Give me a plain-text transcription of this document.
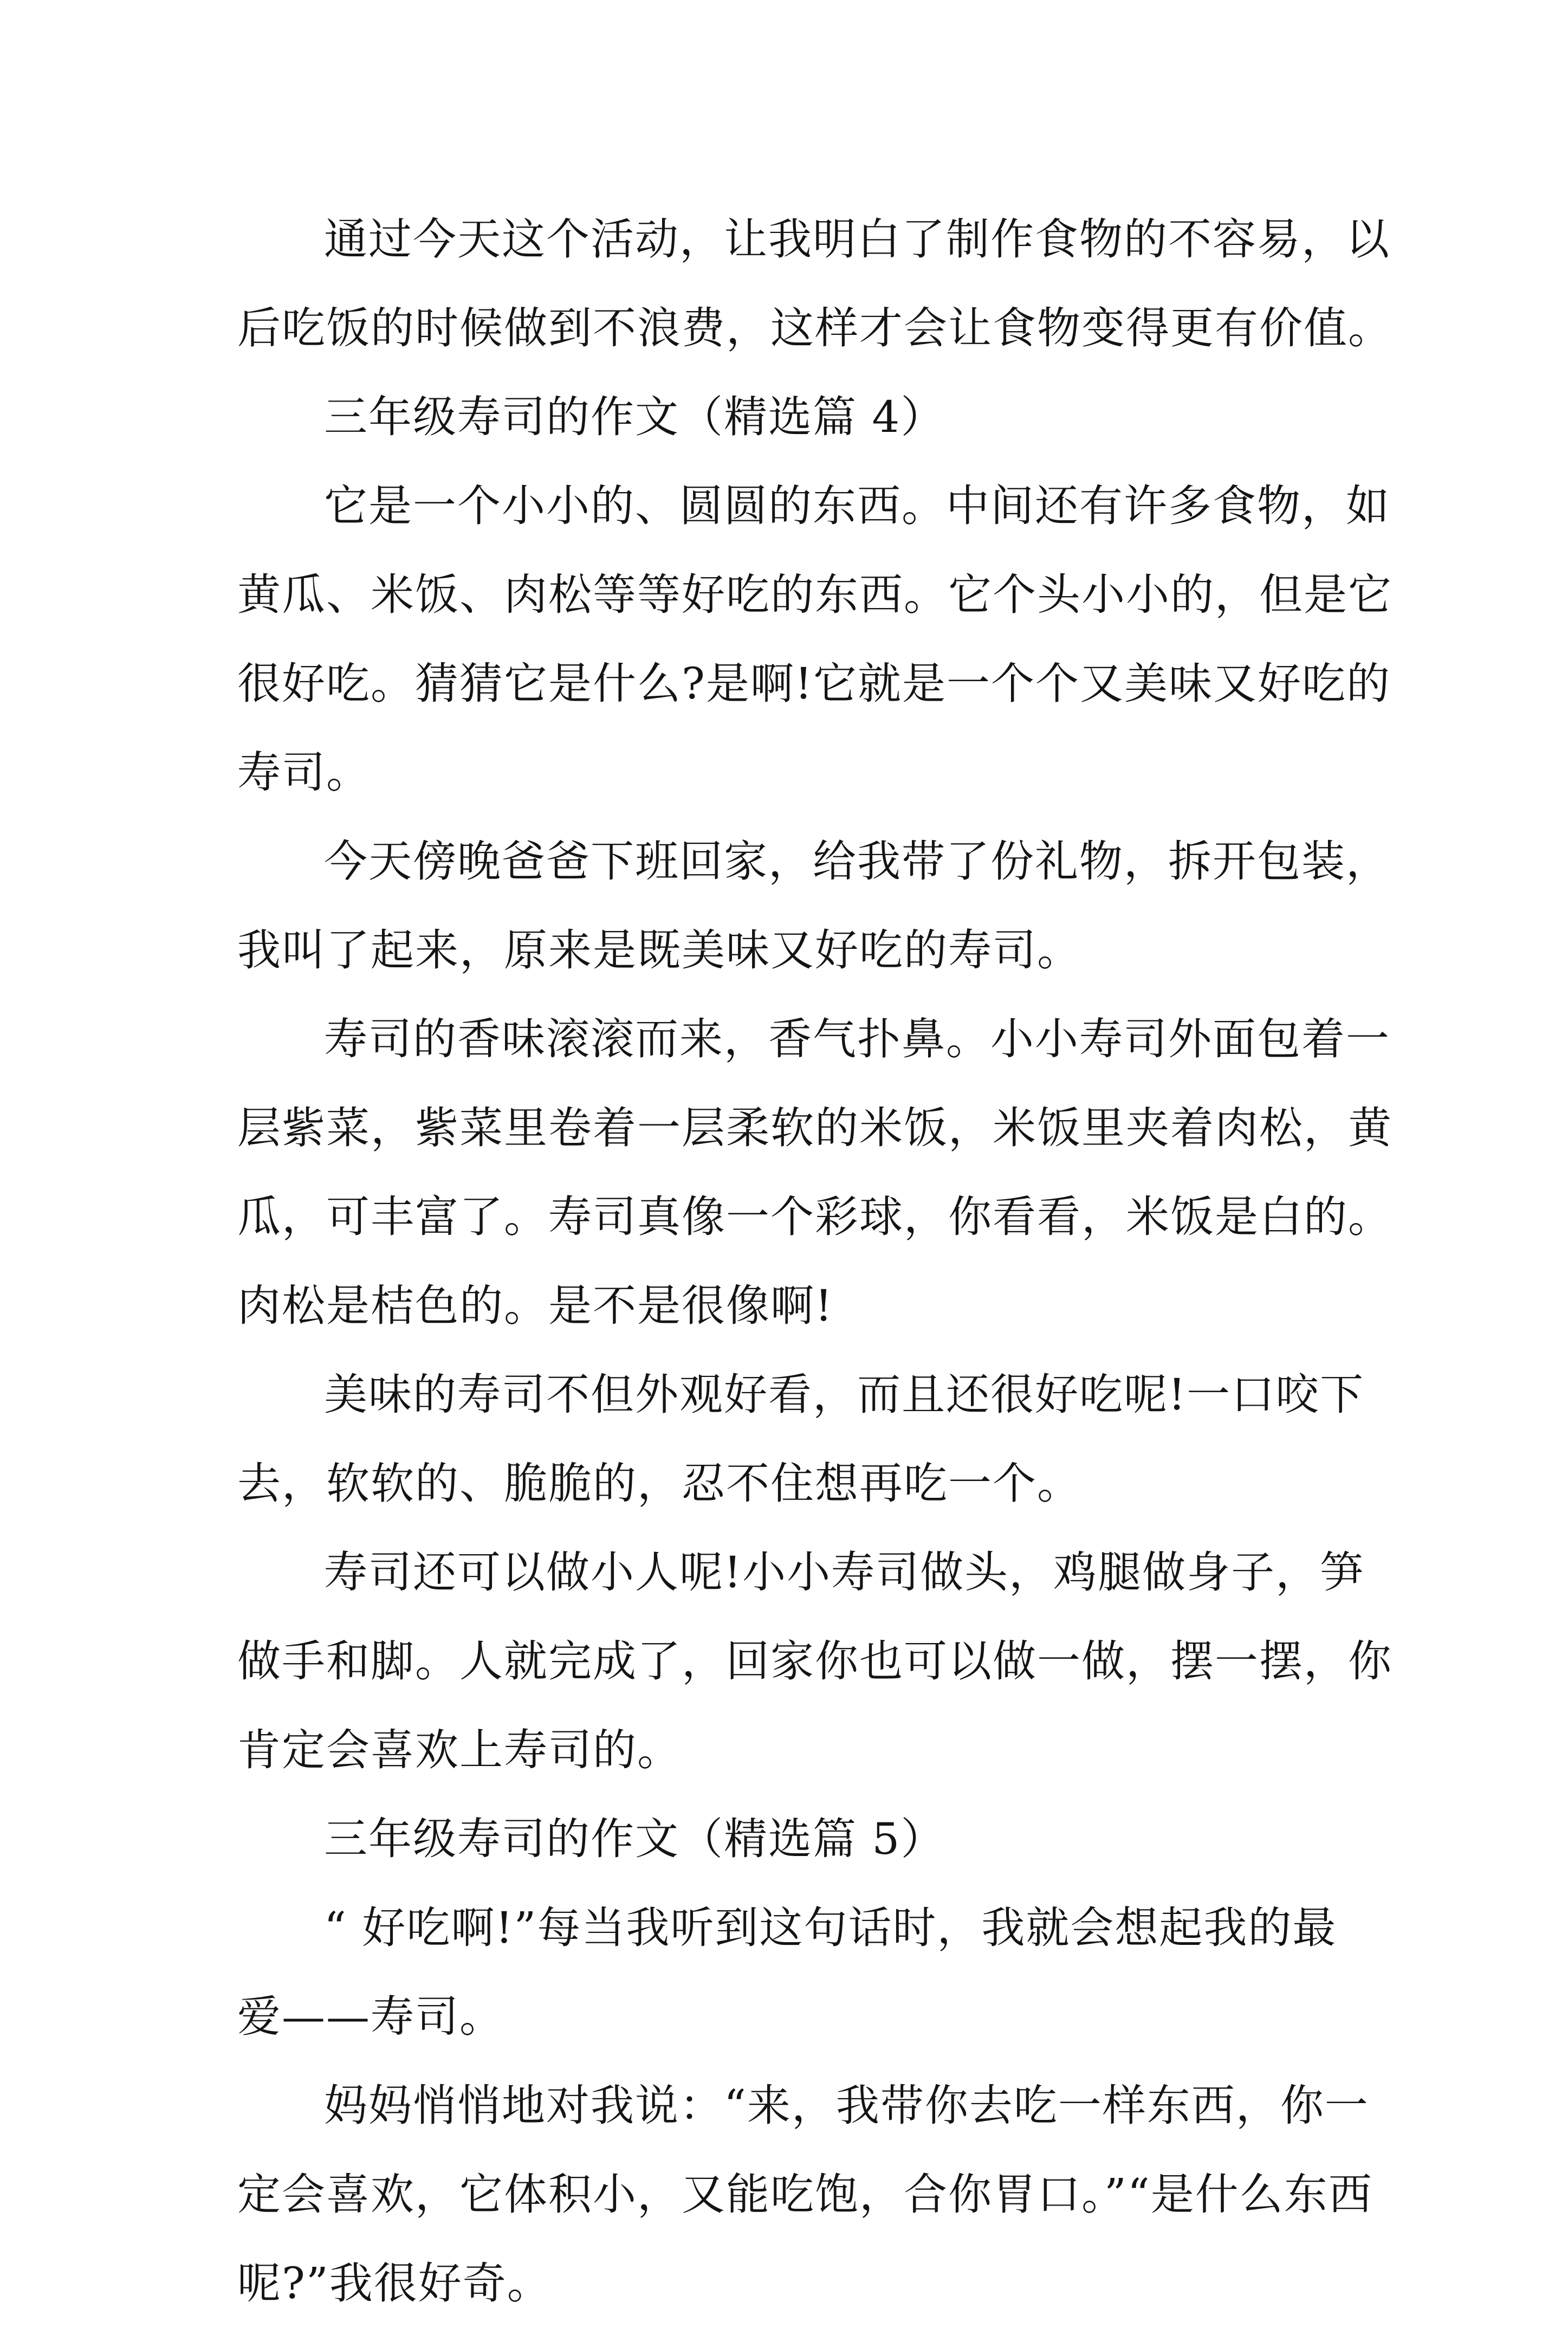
通过今天这个活动，让我明白了制作食物的不容易，以
后吃饭的时候做到不浪费，这样才会让食物变得更有价值。
三年级寿司的作文（精选篇 4）
它是一个小小的、圆圆的东西。中间还有许多食物，如
黄瓜、米饭、肉松等等好吃的东西。它个头小小的，但是它
很好吃。猜猜它是什么?是啊!它就是一个个又美味又好吃的
寿司。
今天傍晚爸爸下班回家，给我带了份礼物，拆开包装，
我叫了起来，原来是既美味又好吃的寿司。
寿司的香味滚滚而来，香气扑鼻。小小寿司外面包着一
层紫菜，紫菜里卷着一层柔软的米饭，米饭里夹着肉松，黄
瓜，可丰富了。寿司真像一个彩球，你看看，米饭是白的。
肉松是桔色的。是不是很像啊!
美味的寿司不但外观好看，而且还很好吃呢!一口咬下
去，软软的、脆脆的，忍不住想再吃一个。
寿司还可以做小人呢!小小寿司做头，鸡腿做身子，笋
做手和脚。人就完成了，回家你也可以做一做，摆一摆，你
肯定会喜欢上寿司的。
三年级寿司的作文（精选篇 5）
“ 好吃啊!”每当我听到这句话时，我就会想起我的最
爱——寿司。
妈妈悄悄地对我说：“来，我带你去吃一样东西，你一
定会喜欢，它体积小，又能吃饱，合你胃口。”“是什么东西
呢?”我很好奇。
